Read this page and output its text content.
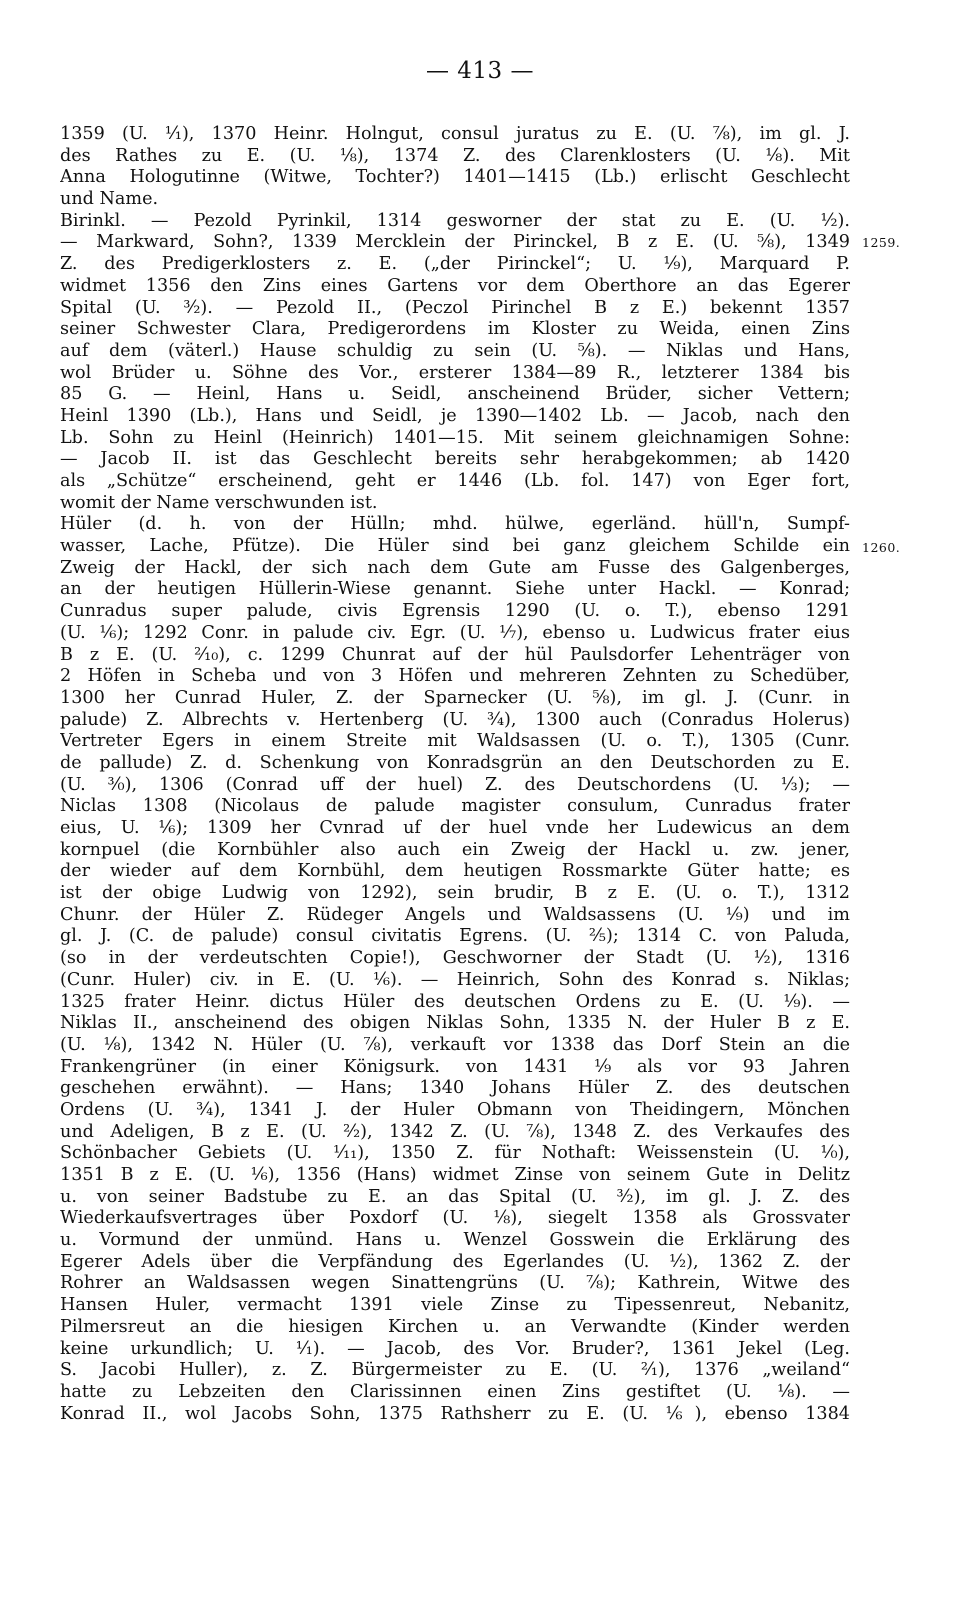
— 413 —
1259.
1260.
1359 (U. ¹⁄₁), 1370 Heinr. Holngut, consul juratus zu E. (U. ⅞), im gl. J.
des Rathes zu E. (U. ⅛), 1374 Z. des Clarenklosters (U. ¹⁄₈). Mit
Anna Hologutinne (Witwe, Tochter?) 1401—1415 (Lb.) erlischt Geschlecht
und Name.
Birinkl. — Pezold Pyrinkil, 1314 gesworner der stat zu E. (U. ¹⁄₂).
— Markward, Sohn?, 1339 Mercklein der Pirinckel, B z E. (U. ⅝), 1349
Z. des Predigerklosters z. E. („der Pirinckel“; U. ¹⁄₉), Marquard P.
widmet 1356 den Zins eines Gartens vor dem Oberthore an das Egerer
Spital (U. ³⁄₂). — Pezold II., (Peczol Pirinchel B z E.) bekennt 1357
seiner Schwester Clara, Predigerordens im Kloster zu Weida, einen Zins
auf dem (väterl.) Hause schuldig zu sein (U. ⅝). — Niklas und Hans,
wol Brüder u. Söhne des Vor., ersterer 1384—89 R., letzterer 1384 bis
85 G. — Heinl, Hans u. Seidl, anscheinend Brüder, sicher Vettern;
Heinl 1390 (Lb.), Hans und Seidl, je 1390—1402 Lb. — Jacob, nach den
Lb. Sohn zu Heinl (Heinrich) 1401—15. Mit seinem gleichnamigen Sohne:
— Jacob II. ist das Geschlecht bereits sehr herabgekommen; ab 1420
als „Schütze“ erscheinend, geht er 1446 (Lb. fol. 147) von Eger fort,
womit der Name verschwunden ist.
Hüler (d. h. von der Hülln; mhd. hülwe, egerländ. hüll'n, Sumpf-
wasser, Lache, Pfütze). Die Hüler sind bei ganz gleichem Schilde ein
Zweig der Hackl, der sich nach dem Gute am Fusse des Galgenberges,
an der heutigen Hüllerin-Wiese genannt. Siehe unter Hackl. — Konrad;
Cunradus super palude, civis Egrensis 1290 (U. o. T.), ebenso 1291
(U. ¹⁄₆); 1292 Conr. in palude civ. Egr. (U. ¹⁄₇), ebenso u. Ludwicus frater eius
B z E. (U. ²⁄₁₀), c. 1299 Chunrat auf der hül Paulsdorfer Lehenträger von
2 Höfen in Scheba und von 3 Höfen und mehreren Zehnten zu Schedüber,
1300 her Cunrad Huler, Z. der Sparnecker (U. ⅝), im gl. J. (Cunr. in
palude) Z. Albrechts v. Hertenberg (U. ³⁄₄), 1300 auch (Conradus Holerus)
Vertreter Egers in einem Streite mit Waldsassen (U. o. T.), 1305 (Cunr.
de pallude) Z. d. Schenkung von Konradsgrün an den Deutschorden zu E.
(U. ³⁄₀), 1306 (Conrad uff der huel) Z. des Deutschordens (U. ⅓); —
Niclas 1308 (Nicolaus de palude magister consulum, Cunradus frater
eius, U. ¹⁄₆); 1309 her Cvnrad uf der huel vnde her Ludewicus an dem
kornpuel (die Kornbühler also auch ein Zweig der Hackl u. zw. jener,
der wieder auf dem Kornbühl, dem heutigen Rossmarkte Güter hatte; es
ist der obige Ludwig von 1292), sein brudir, B z E. (U. o. T.), 1312
Chunr. der Hüler Z. Rüdeger Angels und Waldsassens (U. ¹⁄₉) und im
gl. J. (C. de palude) consul civitatis Egrens. (U. ²⁄₅); 1314 C. von Paluda,
(so in der verdeutschten Copie!), Geschworner der Stadt (U. ¹⁄₂), 1316
(Cunr. Huler) civ. in E. (U. ¹⁄₆). — Heinrich, Sohn des Konrad s. Niklas;
1325 frater Heinr. dictus Hüler des deutschen Ordens zu E. (U. ¹⁄₉). —
Niklas II., anscheinend des obigen Niklas Sohn, 1335 N. der Huler B z E.
(U. ¹⁄₈), 1342 N. Hüler (U. ⅞), verkauft vor 1338 das Dorf Stein an die
Frankengrüner (in einer Königsurk. von 1431 ¹⁄₉ als vor 93 Jahren
geschehen erwähnt). — Hans; 1340 Johans Hüler Z. des deutschen
Ordens (U. ³⁄₄), 1341 J. der Huler Obmann von Theidingern, Mönchen
und Adeligen, B z E. (U. ²⁄₂), 1342 Z. (U. ⅞), 1348 Z. des Verkaufes des
Schönbacher Gebiets (U. ¹⁄₁₁), 1350 Z. für Nothaft: Weissenstein (U. ¹⁄₀),
1351 B z E. (U. ¹⁄₆), 1356 (Hans) widmet Zinse von seinem Gute in Delitz
u. von seiner Badstube zu E. an das Spital (U. ³⁄₂), im gl. J. Z. des
Wiederkaufsvertrages über Poxdorf (U. ⅛), siegelt 1358 als Grossvater
u. Vormund der unmünd. Hans u. Wenzel Gosswein die Erklärung des
Egerer Adels über die Verpfändung des Egerlandes (U. ¹⁄₂), 1362 Z. der
Rohrer an Waldsassen wegen Sinattengrüns (U. ⅞); Kathrein, Witwe des
Hansen Huler, vermacht 1391 viele Zinse zu Tipessenreut, Nebanitz,
Pilmersreut an die hiesigen Kirchen u. an Verwandte (Kinder werden
keine urkundlich; U. ¹⁄₁). — Jacob, des Vor. Bruder?, 1361 Jekel (Leg.
S. Jacobi Huller), z. Z. Bürgermeister zu E. (U. ²⁄₁), 1376 „weiland“
hatte zu Lebzeiten den Clarissinnen einen Zins gestiftet (U. ¹⁄₈). —
Konrad II., wol Jacobs Sohn, 1375 Rathsherr zu E. (U. ⅙), ebenso 1384
